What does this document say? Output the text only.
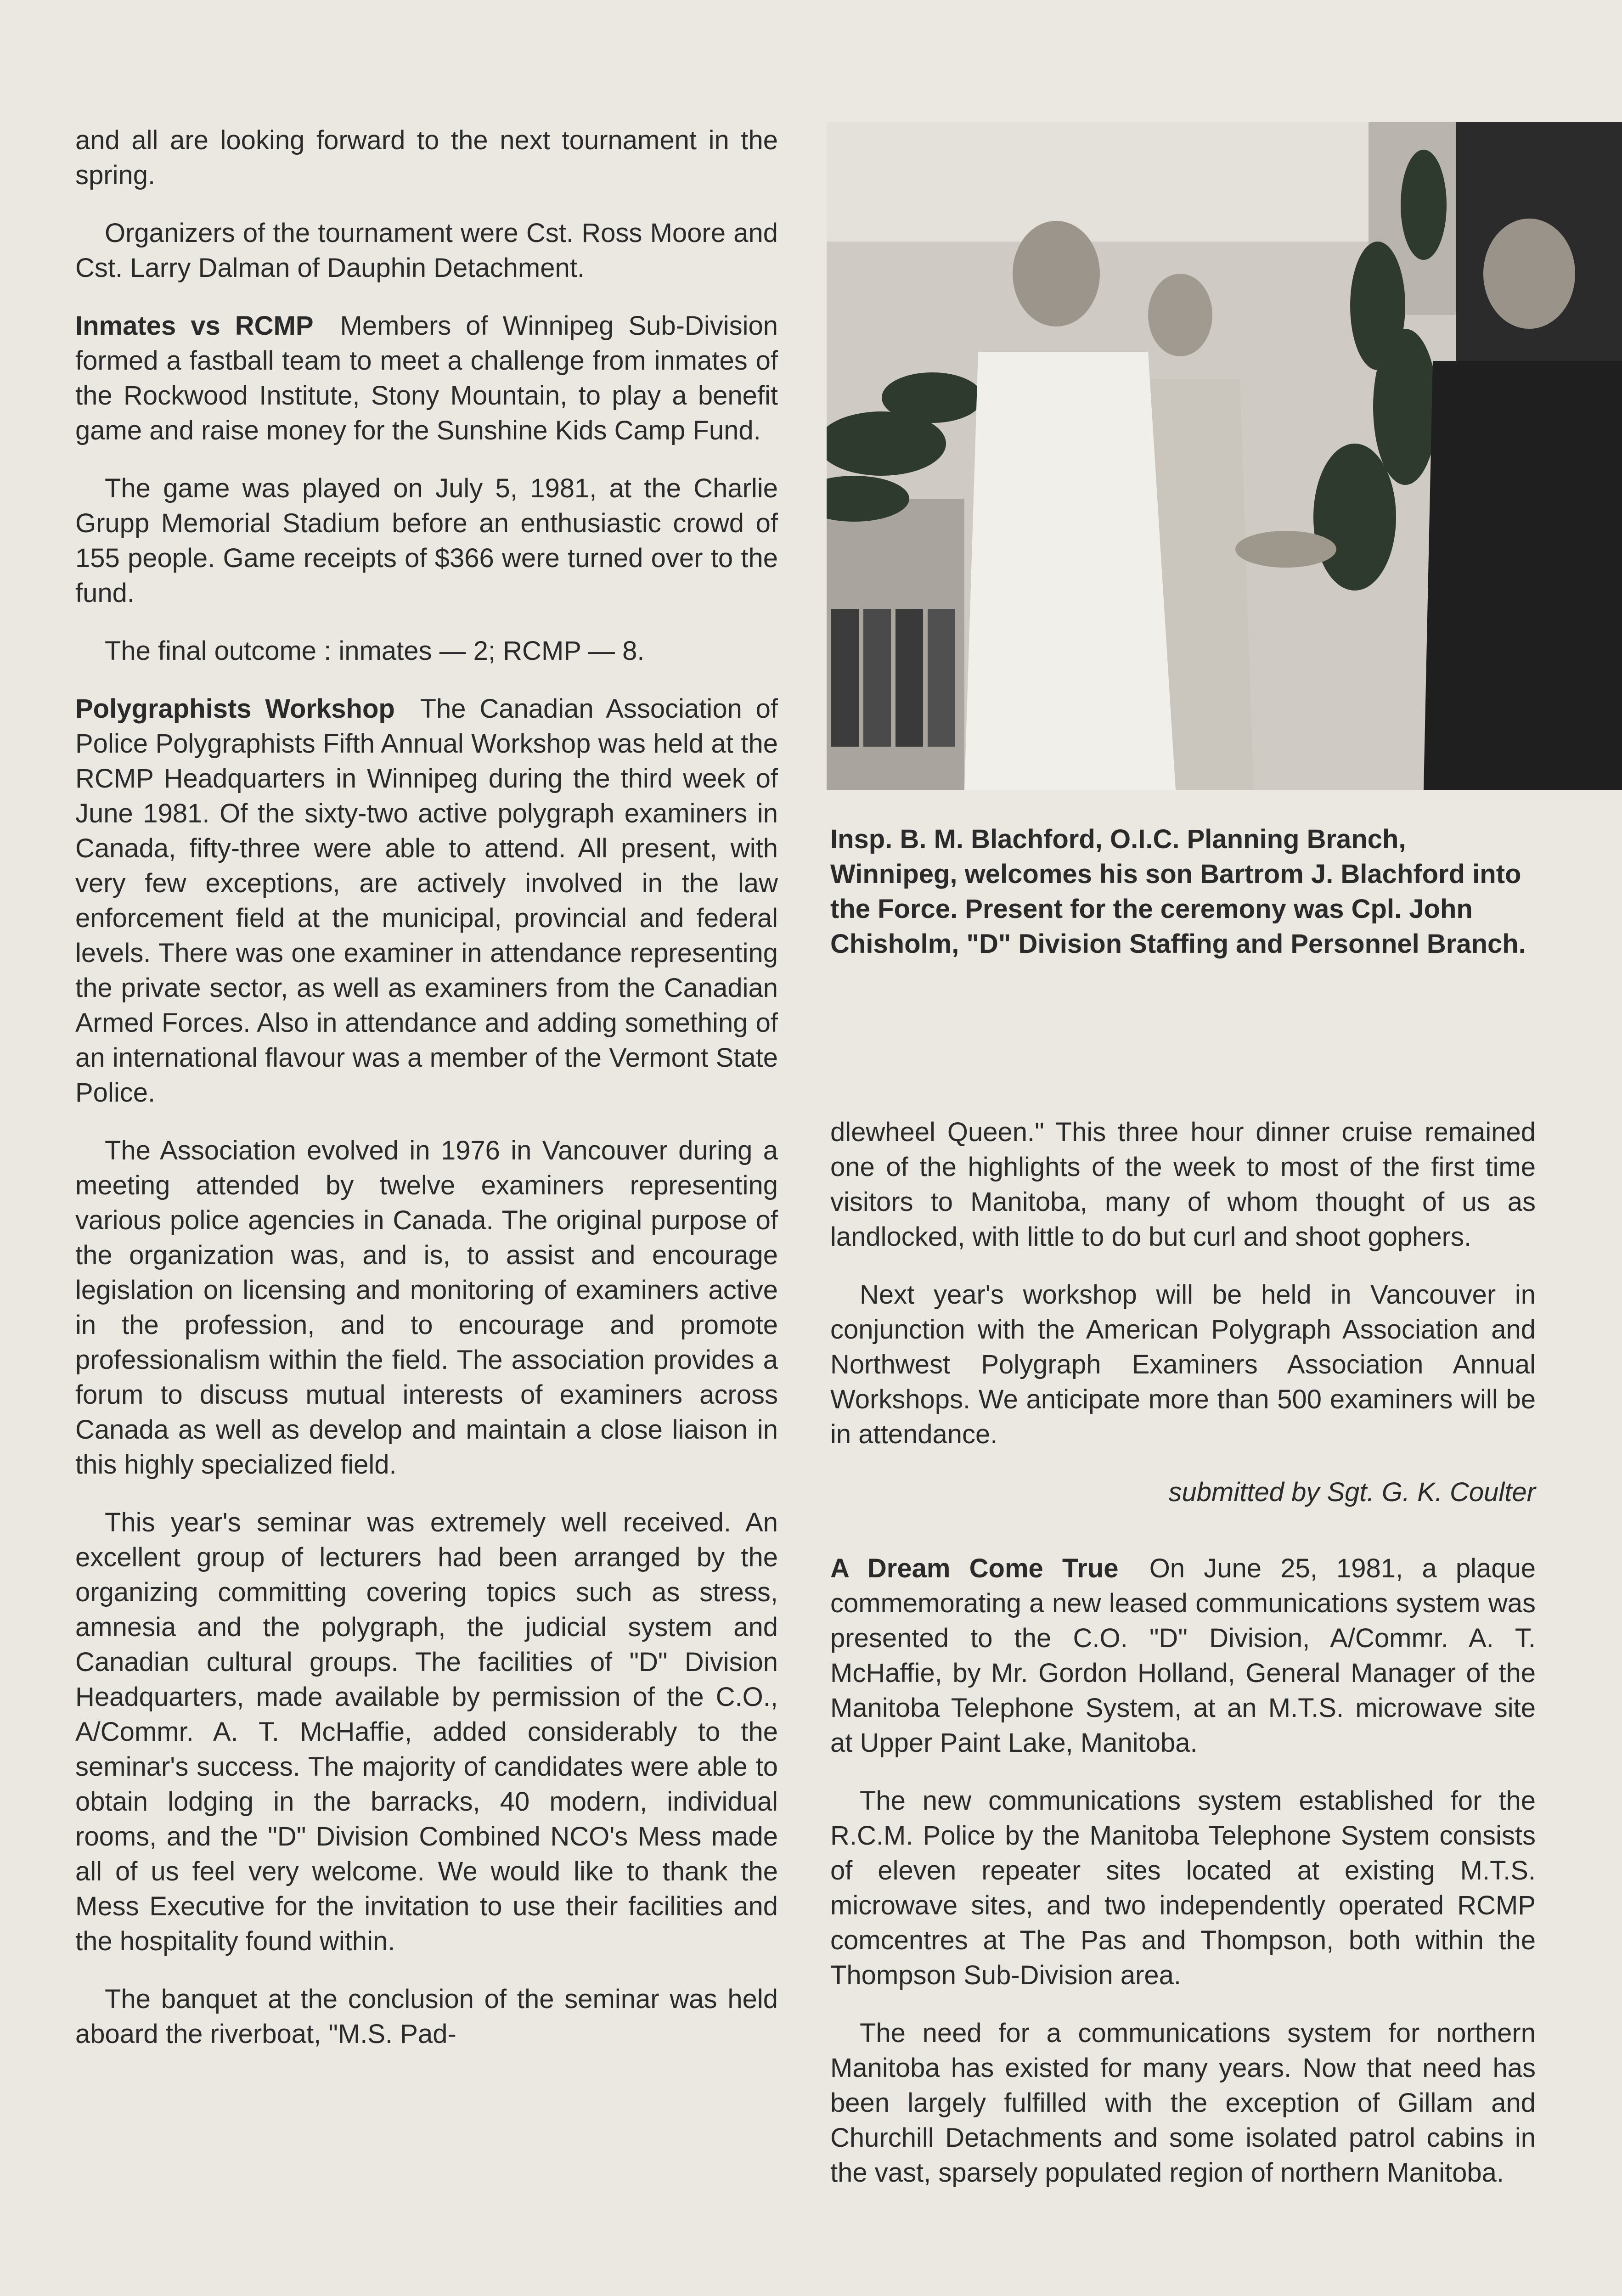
and all are looking forward to the next tournament in the spring.

Organizers of the tournament were Cst. Ross Moore and Cst. Larry Dalman of Dauphin Detachment.

Inmates vs RCMP Members of Winnipeg Sub-Division formed a fastball team to meet a challenge from inmates of the Rockwood Institute, Stony Mountain, to play a benefit game and raise money for the Sunshine Kids Camp Fund.

The game was played on July 5, 1981, at the Charlie Grupp Memorial Stadium before an enthusiastic crowd of 155 people. Game receipts of $366 were turned over to the fund.

The final outcome : inmates — 2; RCMP — 8.

Polygraphists Workshop The Canadian Association of Police Polygraphists Fifth Annual Workshop was held at the RCMP Headquarters in Winnipeg during the third week of June 1981. Of the sixty-two active polygraph examiners in Canada, fifty-three were able to attend. All present, with very few exceptions, are actively involved in the law enforcement field at the municipal, provincial and federal levels. There was one examiner in attendance representing the private sector, as well as examiners from the Canadian Armed Forces. Also in attendance and adding something of an international flavour was a member of the Vermont State Police.

The Association evolved in 1976 in Vancouver during a meeting attended by twelve examiners representing various police agencies in Canada. The original purpose of the organization was, and is, to assist and encourage legislation on licensing and monitoring of examiners active in the profession, and to encourage and promote professionalism within the field. The association provides a forum to discuss mutual interests of examiners across Canada as well as develop and maintain a close liaison in this highly specialized field.

This year's seminar was extremely well received. An excellent group of lecturers had been arranged by the organizing committing covering topics such as stress, amnesia and the polygraph, the judicial system and Canadian cultural groups. The facilities of "D" Division Headquarters, made available by permission of the C.O., A/Commr. A. T. McHaffie, added considerably to the seminar's success. The majority of candidates were able to obtain lodging in the barracks, 40 modern, individual rooms, and the "D" Division Combined NCO's Mess made all of us feel very welcome. We would like to thank the Mess Executive for the invitation to use their facilities and the hospitality found within.

The banquet at the conclusion of the seminar was held aboard the riverboat, "M.S. Pad-

Insp. B. M. Blachford, O.I.C. Planning Branch, Winnipeg, welcomes his son Bartrom J. Blachford into the Force. Present for the ceremony was Cpl. John Chisholm, "D" Division Staffing and Personnel Branch.

dlewheel Queen." This three hour dinner cruise remained one of the highlights of the week to most of the first time visitors to Manitoba, many of whom thought of us as landlocked, with little to do but curl and shoot gophers.

Next year's workshop will be held in Vancouver in conjunction with the American Polygraph Association and Northwest Polygraph Examiners Association Annual Workshops. We anticipate more than 500 examiners will be in attendance.

submitted by Sgt. G. K. Coulter

A Dream Come True On June 25, 1981, a plaque commemorating a new leased communications system was presented to the C.O. "D" Division, A/Commr. A. T. McHaffie, by Mr. Gordon Holland, General Manager of the Manitoba Telephone System, at an M.T.S. microwave site at Upper Paint Lake, Manitoba.

The new communications system established for the R.C.M. Police by the Manitoba Telephone System consists of eleven repeater sites located at existing M.T.S. microwave sites, and two independently operated RCMP comcentres at The Pas and Thompson, both within the Thompson Sub-Division area.

The need for a communications system for northern Manitoba has existed for many years. Now that need has been largely fulfilled with the exception of Gillam and Churchill Detachments and some isolated patrol cabins in the vast, sparsely populated region of northern Manitoba.
